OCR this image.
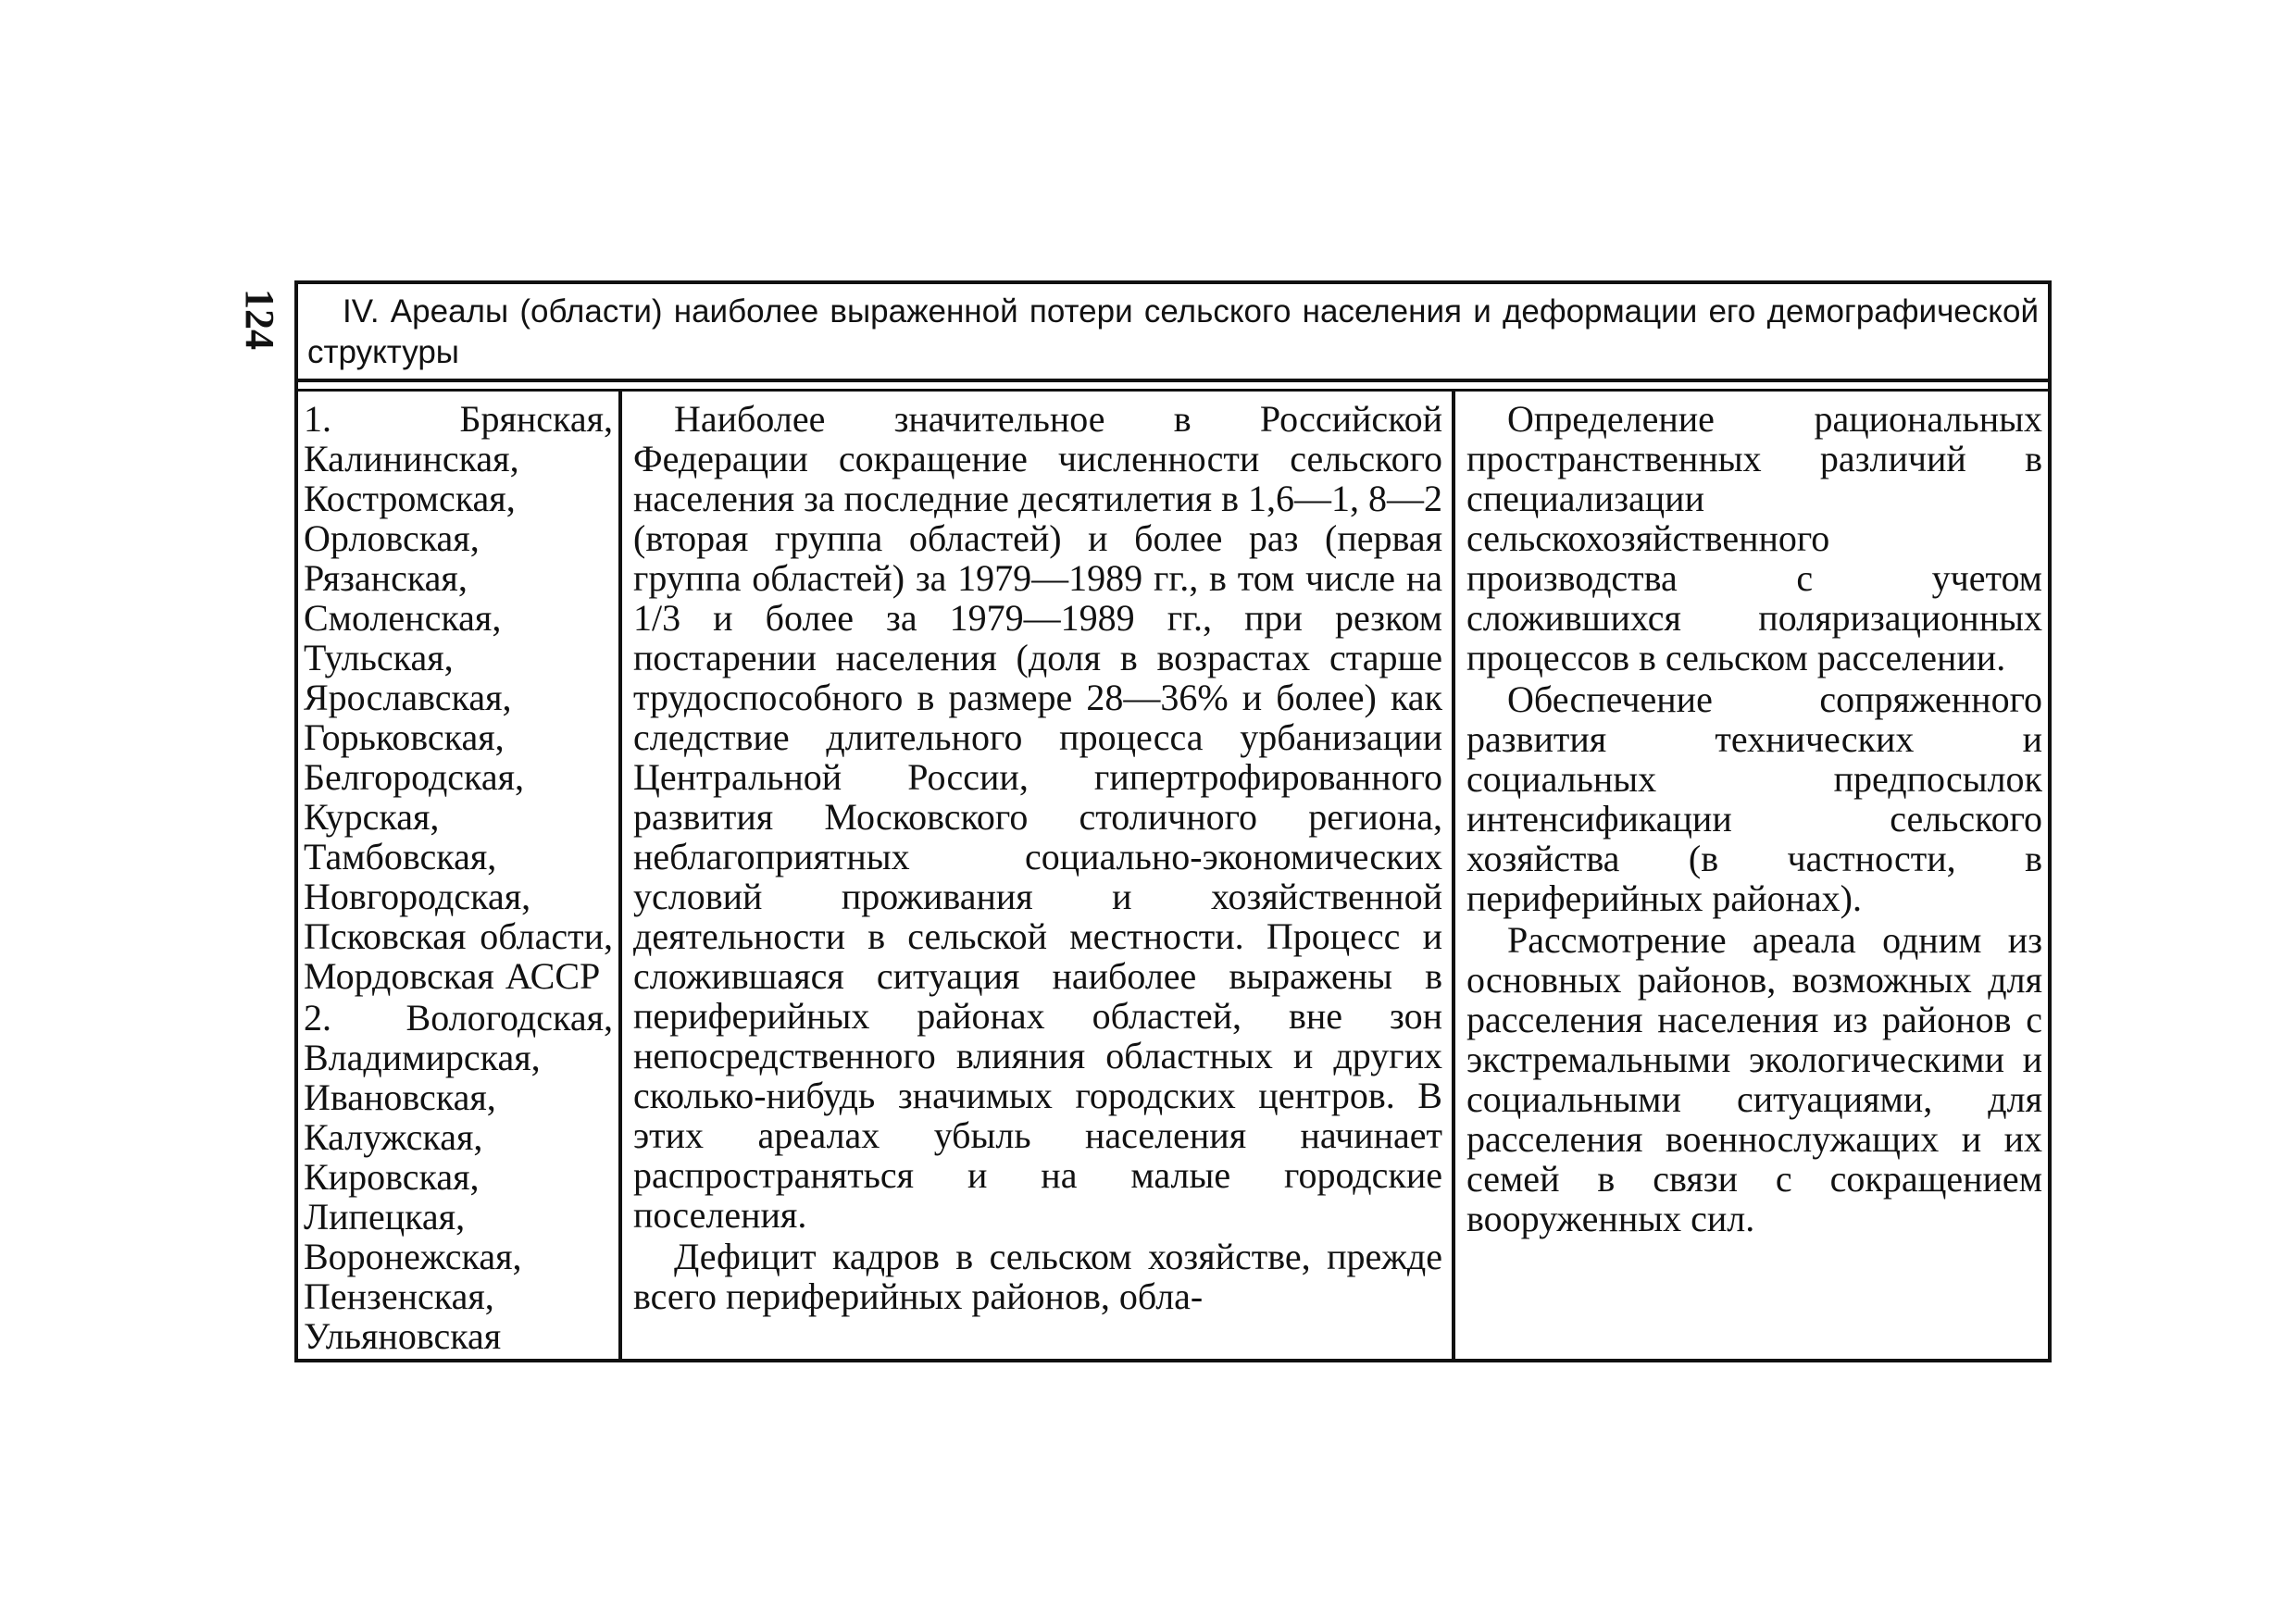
124	IV. Ареалы (области) наиболее выраженной потери сельского населения и деформации его демографической структуры

1. Брянская, Калининская, Костромская, Орловская, Рязанская, Смоленская, Тульская, Ярославская, Горьковская, Белгородская, Курская, Тамбовская, Новгородская, Псковская области, Мордовская АССР

2. Вологодская, Владимирская, Ивановская, Калужская, Кировская, Липецкая, Воронежская, Пензенская, Ульяновская

Наиболее значительное в Российской Федерации сокращение численности сельского населения за последние десятилетия в 1,6—1, 8—2 (вторая группа областей) и более раз (первая группа областей) за 1979—1989 гг., в том числе на 1/3 и более за 1979—1989 гг., при резком постарении населения (доля в возрастах старше трудоспособного в размере 28—36% и более) как следствие длительного процесса урбанизации Центральной России, гипертрофированного развития Московского столичного региона, неблагоприятных социально-экономических условий проживания и хозяйственной деятельности в сельской местности. Процесс и сложившаяся ситуация наиболее выражены в периферийных районах областей, вне зон непосредственного влияния областных и других сколько-нибудь значимых городских центров. В этих ареалах убыль населения начинает распространяться и на малые городские поселения.

Дефицит кадров в сельском хозяйстве, прежде всего периферийных районов, обла-

Определение рациональных пространственных различий в специализации сельскохозяйственного производства с учетом сложившихся поляризационных процессов в сельском расселении.

Обеспечение сопряженного развития технических и социальных предпосылок интенсификации сельского хозяйства (в частности, в периферийных районах).

Рассмотрение ареала одним из основных районов, возможных для расселения населения из районов с экстремальными экологическими и социальными ситуациями, для расселения военнослужащих и их семей в связи с сокращением вооруженных сил.
